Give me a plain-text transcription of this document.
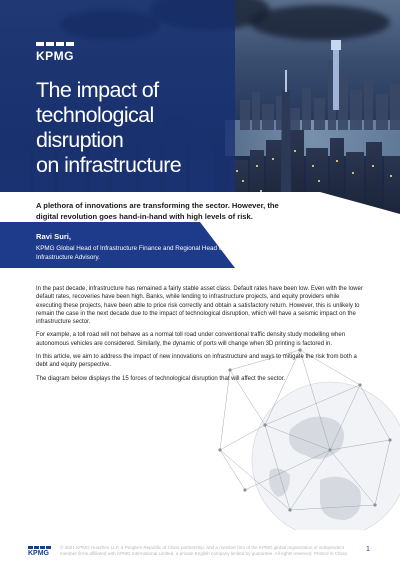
KPMG
The impact of
technological disruption
on infrastructure

A plethora of innovations are transforming the sector. However, the digital revolution goes hand-in-hand with high levels of risk.

Ravi Suri,
KPMG Global Head of Infrastructure Finance and Regional Head of Infrastructure Advisory.

In the past decade, infrastructure has remained a fairly stable asset class. Default rates have been low. Even with the lower default rates, recoveries have been high. Banks, while lending to infrastructure projects, and equity providers while executing these projects, have been able to price risk correctly and obtain a satisfactory return. However, this is unlikely to remain the case in the next decade due to the impact of technological disruption, which will have a seismic impact on the infrastructure sector.

For example, a toll road will not behave as a normal toll road under conventional traffic density study modelling when autonomous vehicles are considered. Similarly, the dynamic of ports will change when 3D printing is factored in.

In this article, we aim to address the impact of new innovations on infrastructure and ways to mitigate the risk from both a debt and equity perspective.

The diagram below displays the 15 forces of technological disruption that will affect the sector.

KPMG
© 2021 KPMG Huazhen LLP, a People's Republic of China partnership, and a member firm of the KPMG global organization of independent member firms affiliated with KPMG International Limited, a private English company limited by guarantee. All rights reserved. Printed in China.
1
